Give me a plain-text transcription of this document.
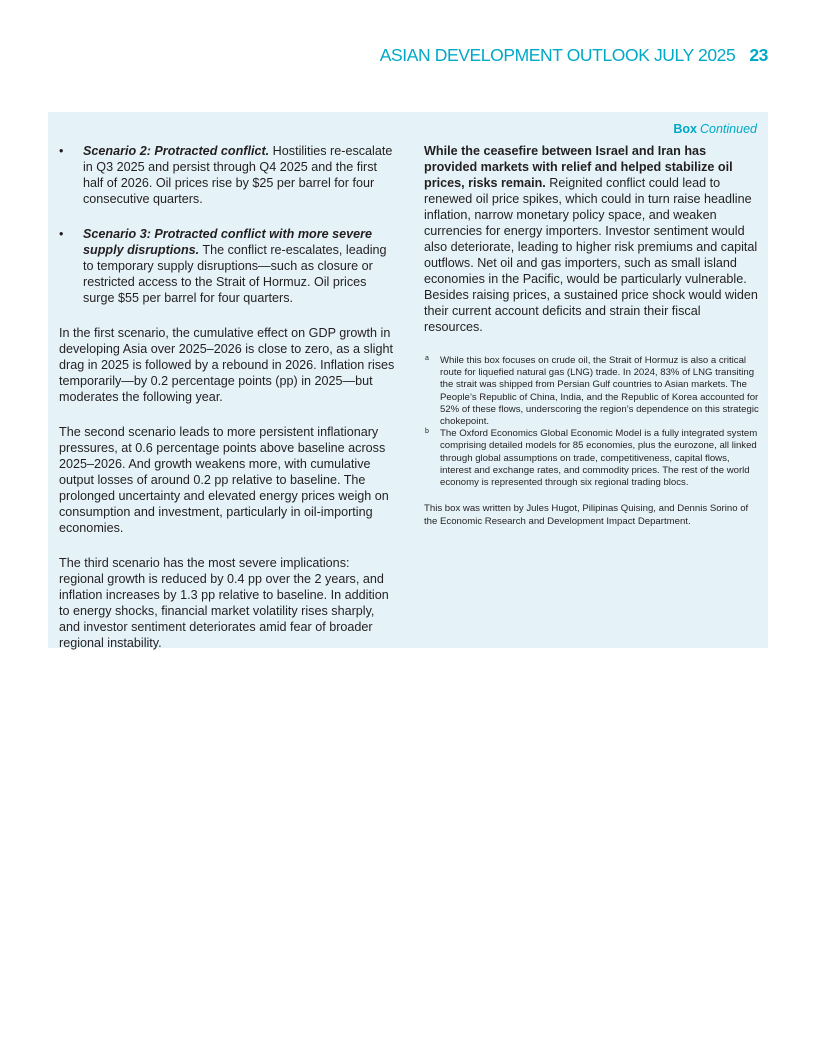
ASIAN DEVELOPMENT OUTLOOK JULY 2025 23
Box Continued
• Scenario 2: Protracted conflict. Hostilities re-escalate in Q3 2025 and persist through Q4 2025 and the first half of 2026. Oil prices rise by $25 per barrel for four consecutive quarters.
• Scenario 3: Protracted conflict with more severe supply disruptions. The conflict re-escalates, leading to temporary supply disruptions—such as closure or restricted access to the Strait of Hormuz. Oil prices surge $55 per barrel for four quarters.

In the first scenario, the cumulative effect on GDP growth in developing Asia over 2025–2026 is close to zero, as a slight drag in 2025 is followed by a rebound in 2026. Inflation rises temporarily—by 0.2 percentage points (pp) in 2025—but moderates the following year.

The second scenario leads to more persistent inflationary pressures, at 0.6 percentage points above baseline across 2025–2026. And growth weakens more, with cumulative output losses of around 0.2 pp relative to baseline. The prolonged uncertainty and elevated energy prices weigh on consumption and investment, particularly in oil-importing economies.

The third scenario has the most severe implications: regional growth is reduced by 0.4 pp over the 2 years, and inflation increases by 1.3 pp relative to baseline. In addition to energy shocks, financial market volatility rises sharply, and investor sentiment deteriorates amid fear of broader regional instability.

While the ceasefire between Israel and Iran has provided markets with relief and helped stabilize oil prices, risks remain. Reignited conflict could lead to renewed oil price spikes, which could in turn raise headline inflation, narrow monetary policy space, and weaken currencies for energy importers. Investor sentiment would also deteriorate, leading to higher risk premiums and capital outflows. Net oil and gas importers, such as small island economies in the Pacific, would be particularly vulnerable. Besides raising prices, a sustained price shock would widen their current account deficits and strain their fiscal resources.

a While this box focuses on crude oil, the Strait of Hormuz is also a critical route for liquefied natural gas (LNG) trade. In 2024, 83% of LNG transiting the strait was shipped from Persian Gulf countries to Asian markets. The People’s Republic of China, India, and the Republic of Korea accounted for 52% of these flows, underscoring the region’s dependence on this strategic chokepoint.
b The Oxford Economics Global Economic Model is a fully integrated system comprising detailed models for 85 economies, plus the eurozone, all linked through global assumptions on trade, competitiveness, capital flows, interest and exchange rates, and commodity prices. The rest of the world economy is represented through six regional trading blocs.
This box was written by Jules Hugot, Pilipinas Quising, and Dennis Sorino of the Economic Research and Development Impact Department.
